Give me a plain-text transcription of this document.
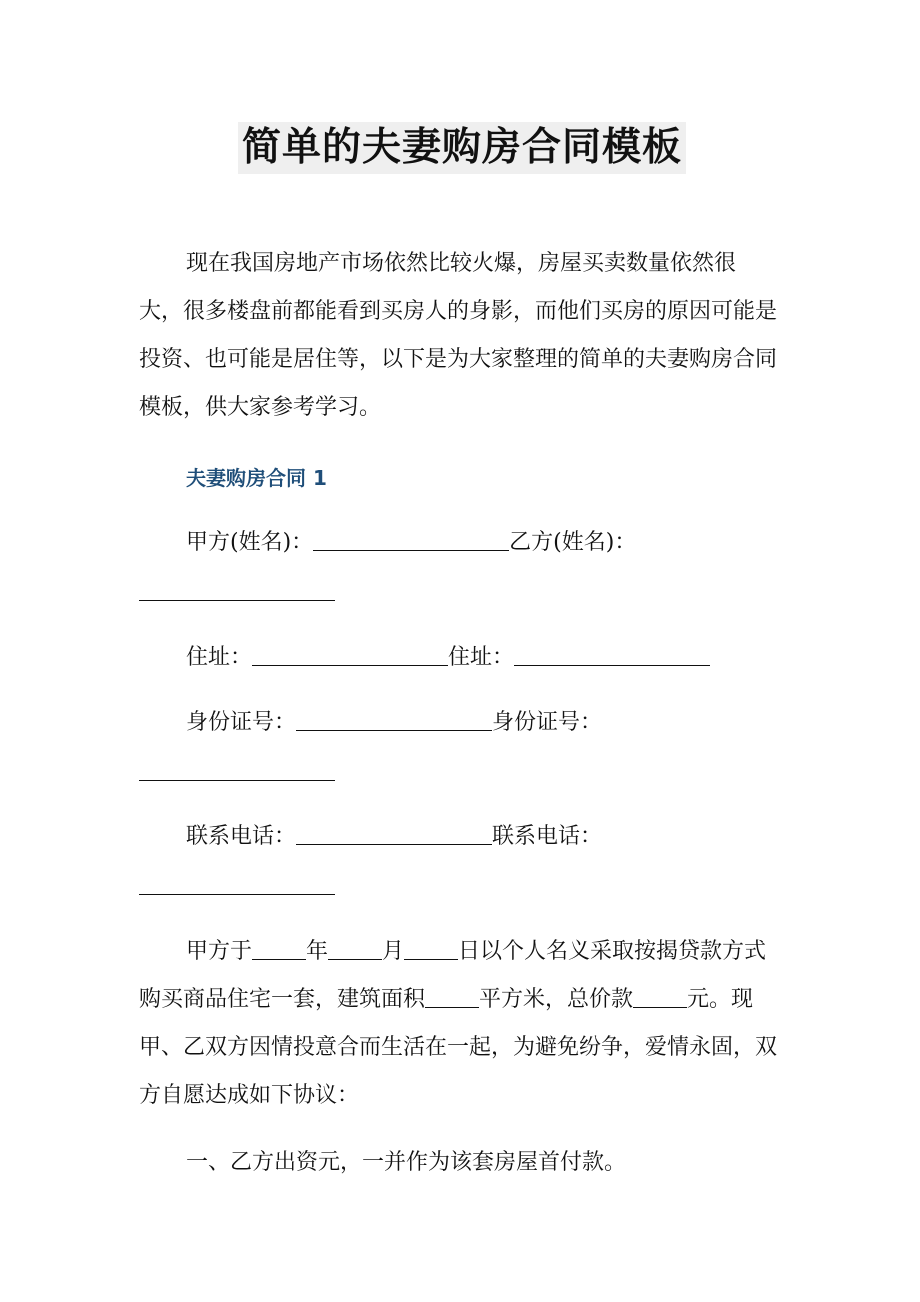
简单的夫妻购房合同模板

现在我国房地产市场依然比较火爆，房屋买卖数量依然很大，很多楼盘前都能看到买房人的身影，而他们买房的原因可能是投资、也可能是居住等，以下是为大家整理的简单的夫妻购房合同模板，供大家参考学习。

夫妻购房合同 1
甲方(姓名)：	乙方(姓名)：
住址：	住址：
身份证号：	身份证号：
联系电话：	联系电话：

甲方于 年 月 日以个人名义采取按揭贷款方式购买商品住宅一套，建筑面积 平方米，总价款 元。现甲、乙双方因情投意合而生活在一起，为避免纷争，爱情永固，双方自愿达成如下协议：

一、乙方出资元，一并作为该套房屋首付款。
